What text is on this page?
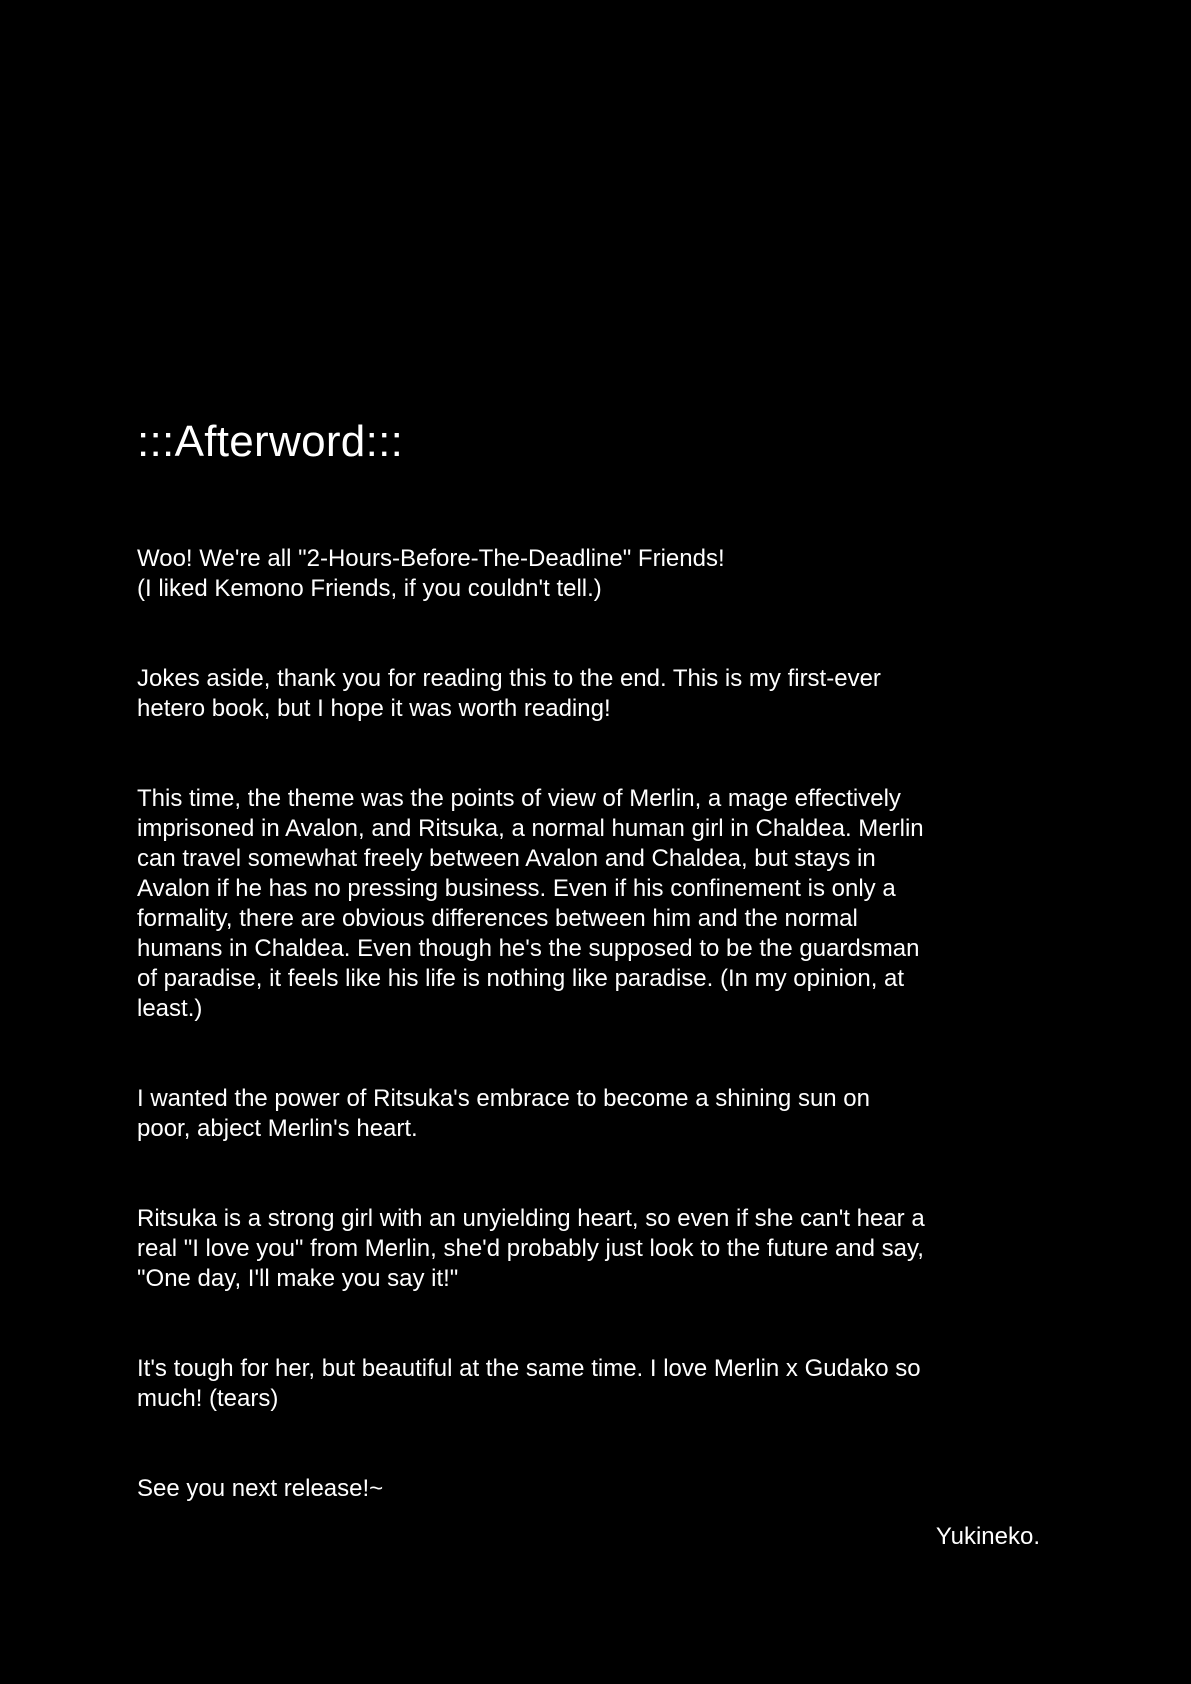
:::Afterword:::

Woo! We're all "2-Hours-Before-The-Deadline" Friends!
(I liked Kemono Friends, if you couldn't tell.)

Jokes aside, thank you for reading this to the end. This is my first-ever
hetero book, but I hope it was worth reading!

This time, the theme was the points of view of Merlin, a mage effectively
imprisoned in Avalon, and Ritsuka, a normal human girl in Chaldea. Merlin
can travel somewhat freely between Avalon and Chaldea, but stays in
Avalon if he has no pressing business. Even if his confinement is only a
formality, there are obvious differences between him and the normal
humans in Chaldea. Even though he's the supposed to be the guardsman
of paradise, it feels like his life is nothing like paradise. (In my opinion, at
least.)

I wanted the power of Ritsuka's embrace to become a shining sun on
poor, abject Merlin's heart.

Ritsuka is a strong girl with an unyielding heart, so even if she can't hear a
real "I love you" from Merlin, she'd probably just look to the future and say,
"One day, I'll make you say it!"

It's tough for her, but beautiful at the same time. I love Merlin x Gudako so
much! (tears)

See you next release!~

Yukineko.
